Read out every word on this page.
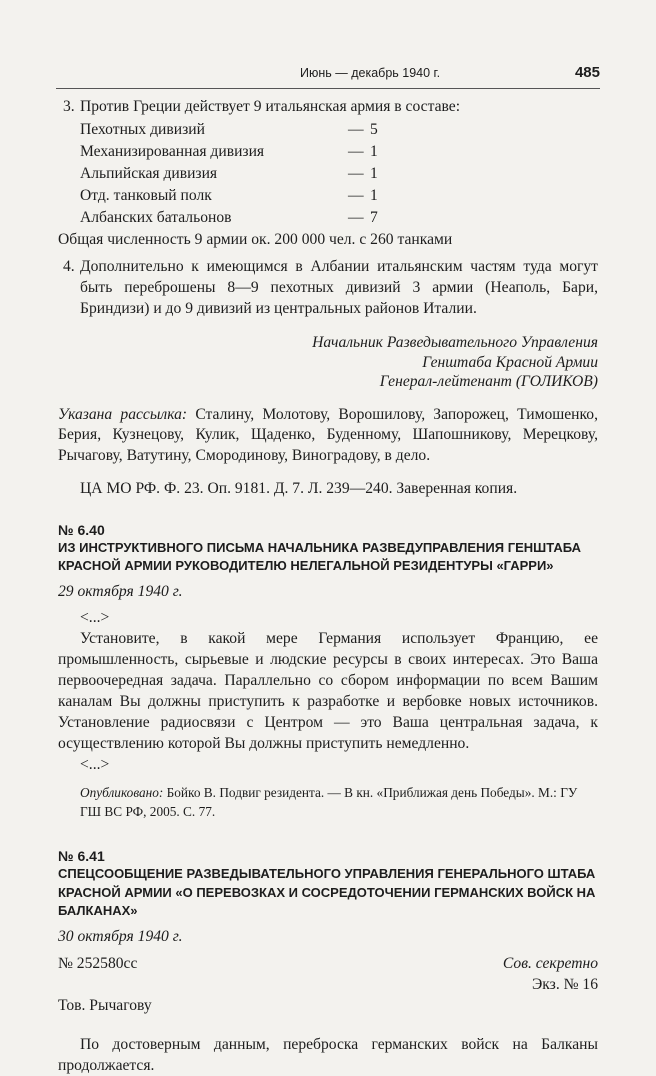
Июнь — декабрь 1940 г.	485
3. Против Греции действует 9 итальянская армия в составе:

Пехотных дивизий	— 5
Механизированная дивизия	— 1
Альпийская дивизия	— 1
Отд. танковый полк	— 1
Албанских батальонов	— 7

Общая численность 9 армии ок. 200 000 чел. с 260 танками

4. Дополнительно к имеющимся в Албании итальянским частям туда могут быть переброшены 8—9 пехотных дивизий 3 армии (Неаполь, Бари, Бриндизи) и до 9 дивизий из центральных районов Италии.

Начальник Разведывательного Управления
Генштаба Красной Армии
Генерал-лейтенант (ГОЛИКОВ)

Указана рассылка: Сталину, Молотову, Ворошилову, Запорожец, Тимошенко, Берия, Кузнецову, Кулик, Щаденко, Буденному, Шапошникову, Мерецкову, Рычагову, Ватутину, Смородинову, Виноградову, в дело.

ЦА МО РФ. Ф. 23. Оп. 9181. Д. 7. Л. 239—240. Заверенная копия.

№ 6.40
ИЗ ИНСТРУКТИВНОГО ПИСЬМА НАЧАЛЬНИКА РАЗВЕДУПРАВЛЕНИЯ ГЕНШТАБА КРАСНОЙ АРМИИ РУКОВОДИТЕЛЮ НЕЛЕГАЛЬНОЙ РЕЗИДЕНТУРЫ «ГАРРИ»
29 октября 1940 г.
<...>

Установите, в какой мере Германия использует Францию, ее промышленность, сырьевые и людские ресурсы в своих интересах. Это Ваша первоочередная задача. Параллельно со сбором информации по всем Вашим каналам Вы должны приступить к разработке и вербовке новых источников. Установление радиосвязи с Центром — это Ваша центральная задача, к осуществлению которой Вы должны приступить немедленно.

<...>

Опубликовано: Бойко В. Подвиг резидента. — В кн. «Приближая день Победы». М.: ГУ ГШ ВС РФ, 2005. С. 77.

№ 6.41
СПЕЦСООБЩЕНИЕ РАЗВЕДЫВАТЕЛЬНОГО УПРАВЛЕНИЯ ГЕНЕРАЛЬНОГО ШТАБА КРАСНОЙ АРМИИ «О ПЕРЕВОЗКАХ И СОСРЕДОТОЧЕНИИ ГЕРМАНСКИХ ВОЙСК НА БАЛКАНАХ»
30 октября 1940 г.
№ 252580сс	Сов. секретно
Экз. № 16
Тов. Рычагову

По достоверным данным, переброска германских войск на Балканы продолжается.
